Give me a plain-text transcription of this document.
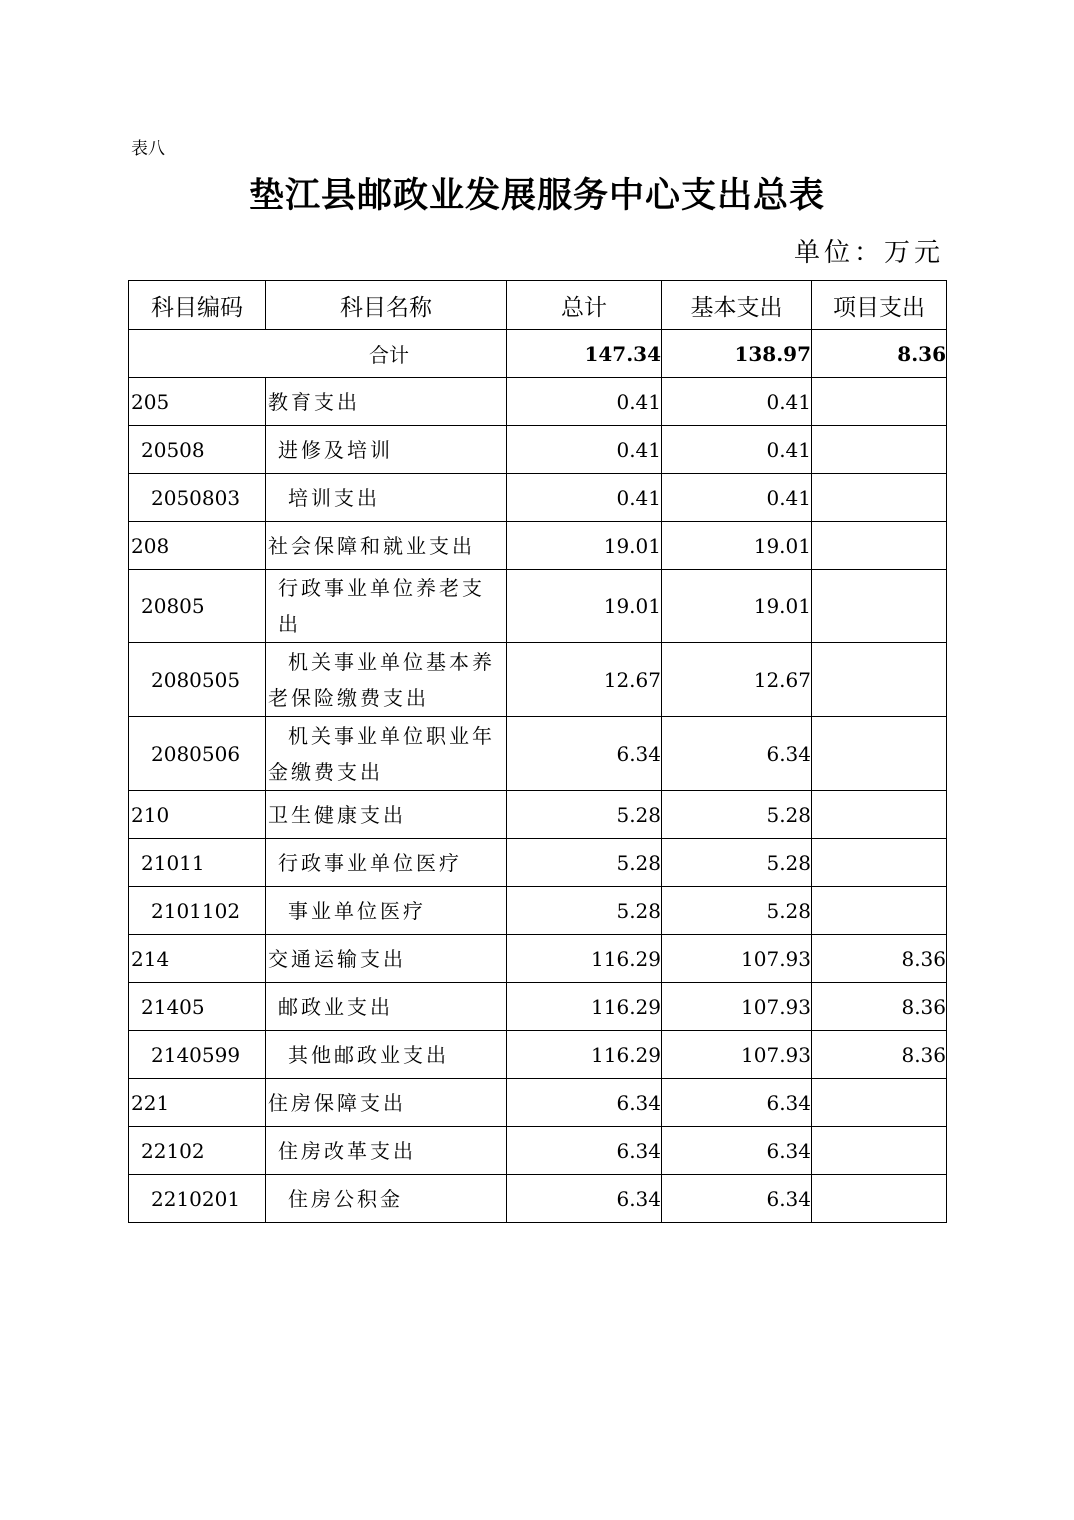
表八
垫江县邮政业发展服务中心支出总表
单位：万元
科目编码	科目名称	总计	基本支出	项目支出
合计		147.34	138.97	8.36
205	教育支出	0.41	0.41	
20508	进修及培训	0.41	0.41	
2050803	培训支出	0.41	0.41	
208	社会保障和就业支出	19.01	19.01	
20805	行政事业单位养老支出	19.01	19.01	
2080505	机关事业单位基本养老保险缴费支出	12.67	12.67	
2080506	机关事业单位职业年金缴费支出	6.34	6.34	
210	卫生健康支出	5.28	5.28	
21011	行政事业单位医疗	5.28	5.28	
2101102	事业单位医疗	5.28	5.28	
214	交通运输支出	116.29	107.93	8.36
21405	邮政业支出	116.29	107.93	8.36
2140599	其他邮政业支出	116.29	107.93	8.36
221	住房保障支出	6.34	6.34	
22102	住房改革支出	6.34	6.34	
2210201	住房公积金	6.34	6.34	
